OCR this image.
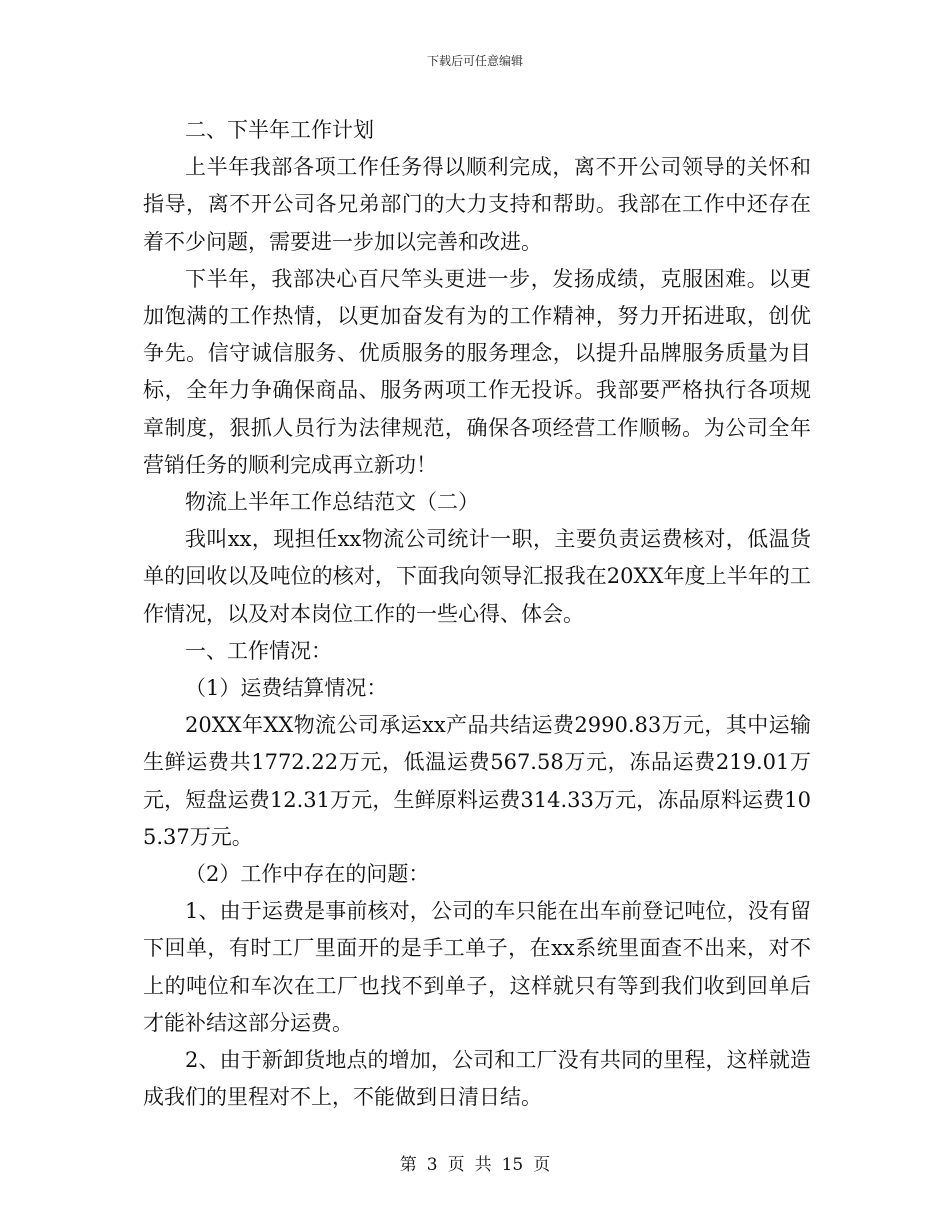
下载后可任意编辑

二、下半年工作计划

上半年我部各项工作任务得以顺利完成，离不开公司领导的关怀和指导，离不开公司各兄弟部门的大力支持和帮助。我部在工作中还存在着不少问题，需要进一步加以完善和改进。

下半年，我部决心百尺竿头更进一步，发扬成绩，克服困难。以更加饱满的工作热情，以更加奋发有为的工作精神，努力开拓进取，创优争先。信守诚信服务、优质服务的服务理念，以提升品牌服务质量为目标，全年力争确保商品、服务两项工作无投诉。我部要严格执行各项规章制度，狠抓人员行为法律规范，确保各项经营工作顺畅。为公司全年营销任务的顺利完成再立新功！

物流上半年工作总结范文（二）

我叫xx，现担任xx物流公司统计一职，主要负责运费核对，低温货单的回收以及吨位的核对，下面我向领导汇报我在20XX年度上半年的工作情况，以及对本岗位工作的一些心得、体会。

一、工作情况：

（1）运费结算情况：

20XX年XX物流公司承运xx产品共结运费2990.83万元，其中运输生鲜运费共1772.22万元，低温运费567.58万元，冻品运费219.01万元，短盘运费12.31万元，生鲜原料运费314.33万元，冻品原料运费105.37万元。

（2）工作中存在的问题：

1、由于运费是事前核对，公司的车只能在出车前登记吨位，没有留下回单，有时工厂里面开的是手工单子，在xx系统里面查不出来，对不上的吨位和车次在工厂也找不到单子，这样就只有等到我们收到回单后才能补结这部分运费。

2、由于新卸货地点的增加，公司和工厂没有共同的里程，这样就造成我们的里程对不上，不能做到日清日结。

第 3 页 共 15 页
